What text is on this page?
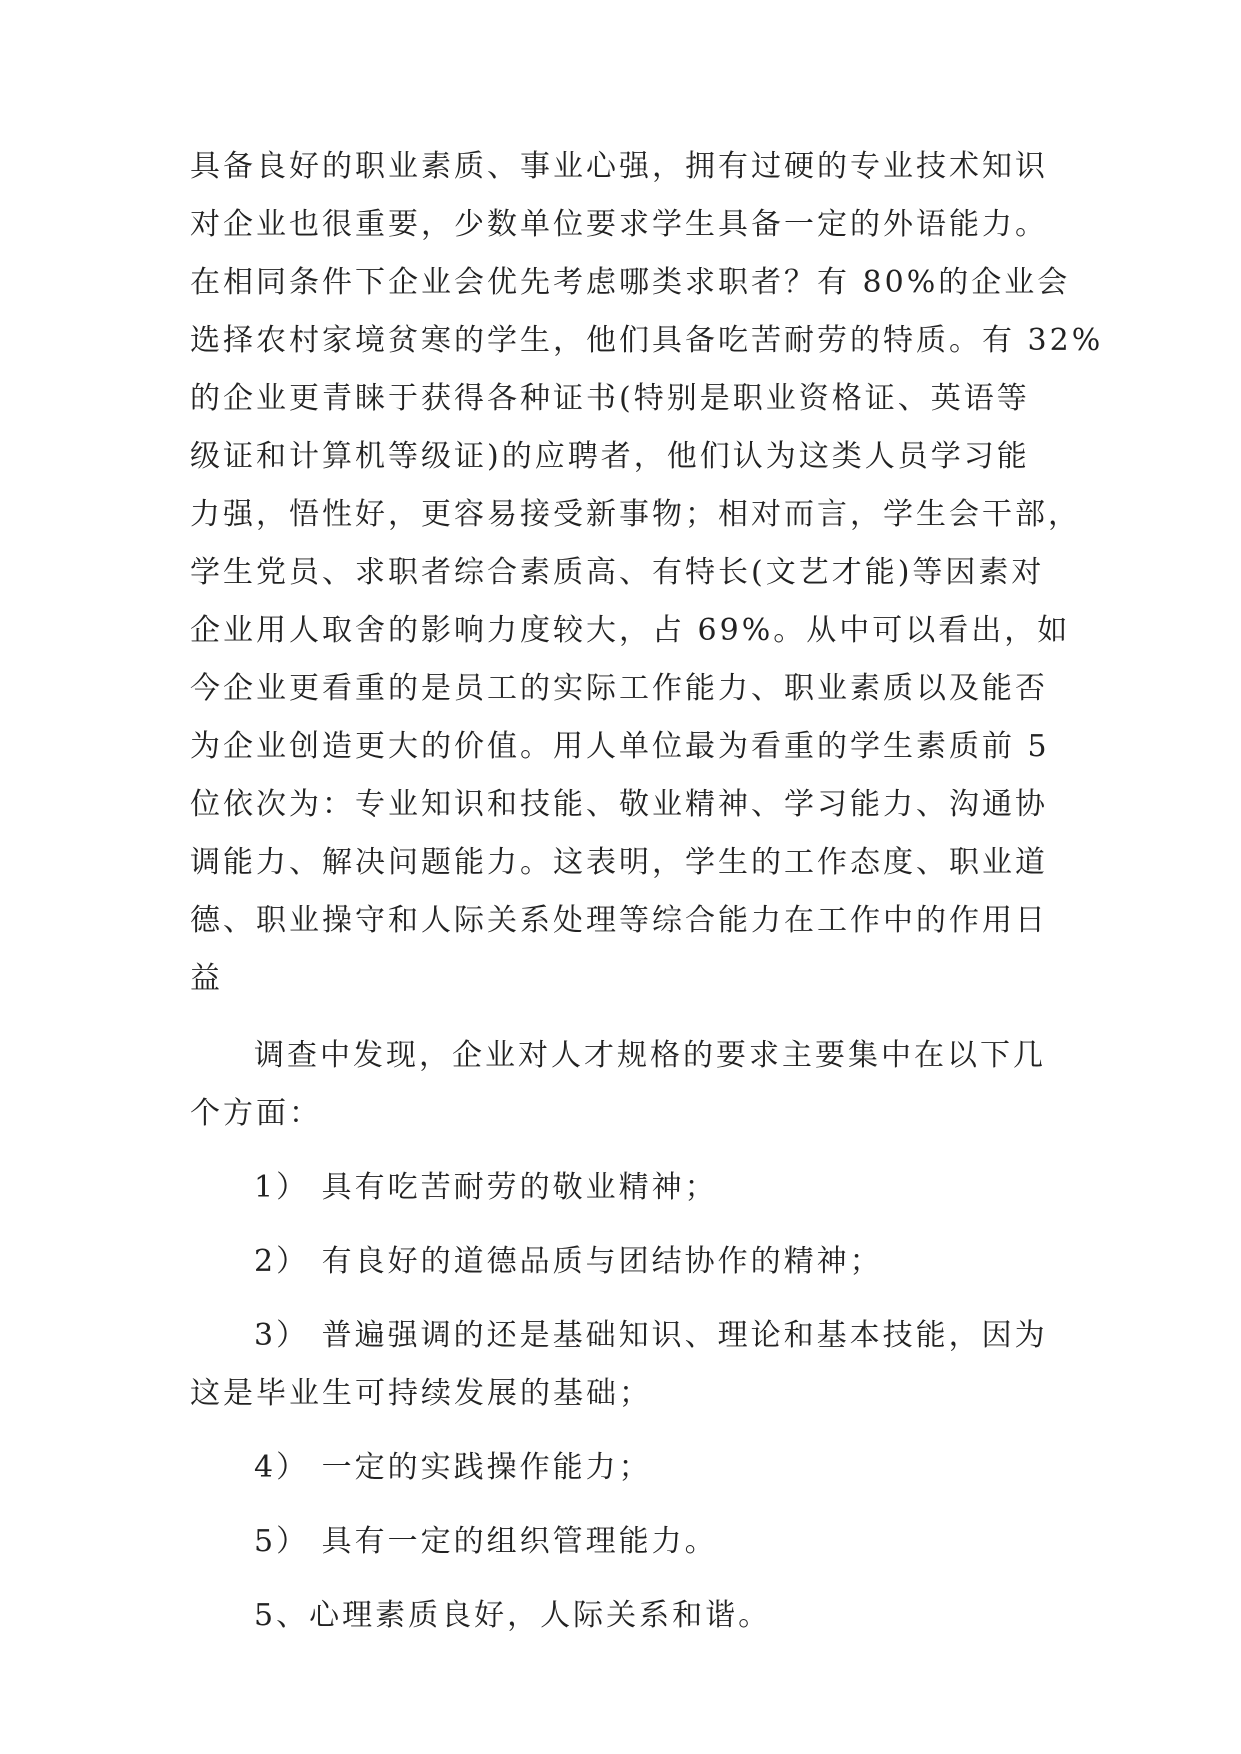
具备良好的职业素质、事业心强，拥有过硬的专业技术知识
对企业也很重要，少数单位要求学生具备一定的外语能力。
在相同条件下企业会优先考虑哪类求职者？有 80%的企业会
选择农村家境贫寒的学生，他们具备吃苦耐劳的特质。有 32%
的企业更青睐于获得各种证书(特别是职业资格证、英语等
级证和计算机等级证)的应聘者，他们认为这类人员学习能
力强，悟性好，更容易接受新事物；相对而言，学生会干部，
学生党员、求职者综合素质高、有特长(文艺才能)等因素对
企业用人取舍的影响力度较大，占 69%。从中可以看出，如
今企业更看重的是员工的实际工作能力、职业素质以及能否
为企业创造更大的价值。用人单位最为看重的学生素质前 5
位依次为：专业知识和技能、敬业精神、学习能力、沟通协
调能力、解决问题能力。这表明，学生的工作态度、职业道
德、职业操守和人际关系处理等综合能力在工作中的作用日
益
调查中发现，企业对人才规格的要求主要集中在以下几
个方面：
1） 具有吃苦耐劳的敬业精神；
2） 有良好的道德品质与团结协作的精神；
3） 普遍强调的还是基础知识、理论和基本技能，因为
这是毕业生可持续发展的基础；
4） 一定的实践操作能力；
5） 具有一定的组织管理能力。
5、心理素质良好，人际关系和谐。
